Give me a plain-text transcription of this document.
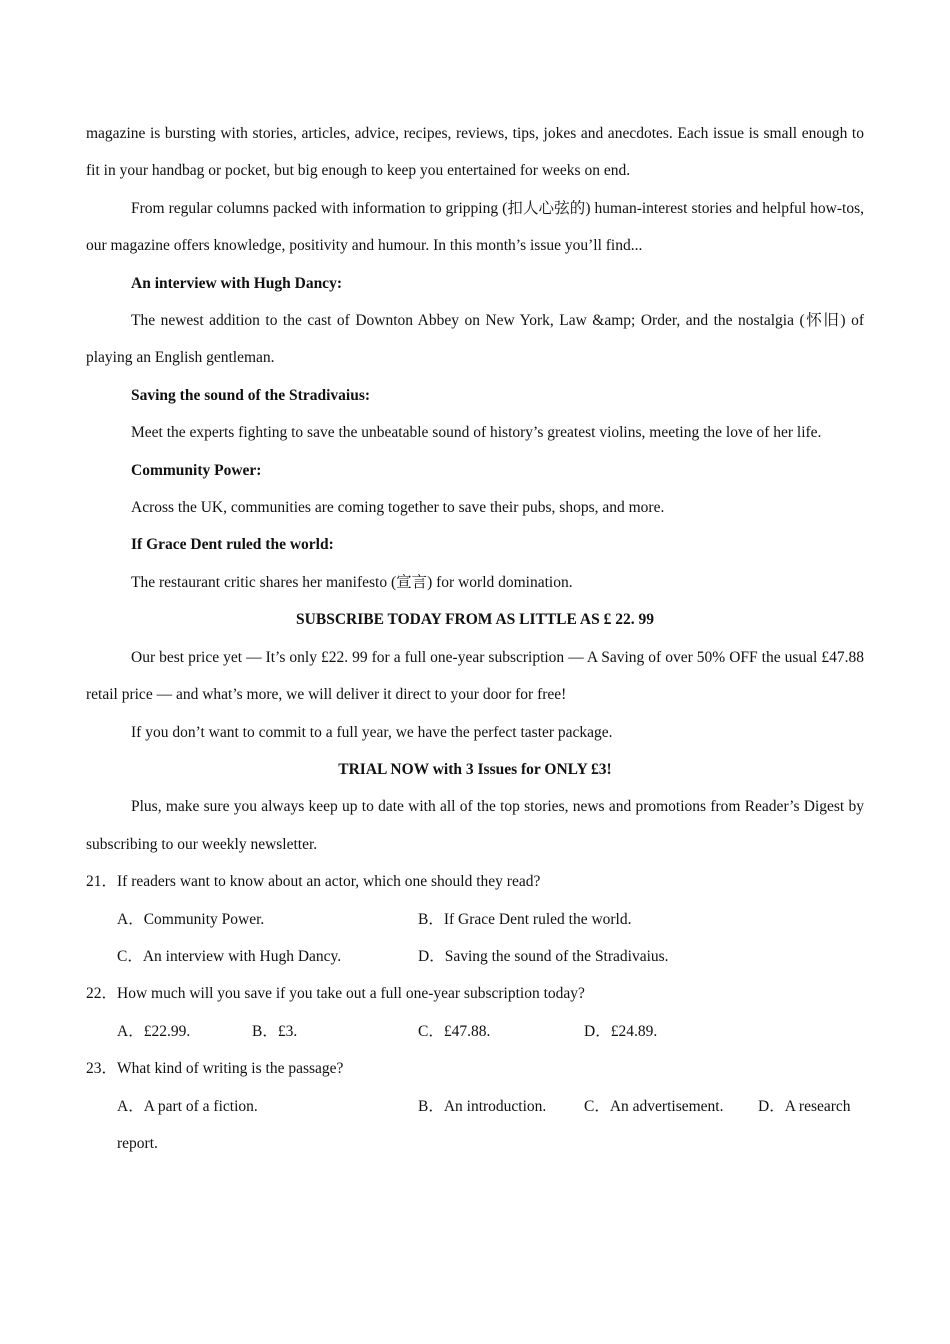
magazine is bursting with stories, articles, advice, recipes, reviews, tips, jokes and anecdotes. Each issue is small enough to fit in your handbag or pocket, but big enough to keep you entertained for weeks on end.

From regular columns packed with information to gripping (扣人心弦的) human-interest stories and helpful how-tos, our magazine offers knowledge, positivity and humour. In this month’s issue you’ll find...

An interview with Hugh Dancy:

The newest addition to the cast of Downton Abbey on New York, Law &amp; Order, and the nostalgia (怀旧) of playing an English gentleman.

Saving the sound of the Stradivaius:

Meet the experts fighting to save the unbeatable sound of history’s greatest violins, meeting the love of her life.

Community Power:

Across the UK, communities are coming together to save their pubs, shops, and more.

If Grace Dent ruled the world:

The restaurant critic shares her manifesto (宣言) for world domination.

SUBSCRIBE TODAY FROM AS LITTLE AS £ 22. 99

Our best price yet — It’s only £22. 99 for a full one-year subscription — A Saving of over 50% OFF the usual £47.88 retail price — and what’s more, we will deliver it direct to your door for free!

If you don’t want to commit to a full year, we have the perfect taster package.

TRIAL NOW with 3 Issues for ONLY £3!

Plus, make sure you always keep up to date with all of the top stories, news and promotions from Reader’s Digest by subscribing to our weekly newsletter.

21．If readers want to know about an actor, which one should they read?

A．Community Power.	B．If Grace Dent ruled the world.
C．An interview with Hugh Dancy.	D．Saving the sound of the Stradivaius.

22．How much will you save if you take out a full one-year subscription today?

A．£22.99.	B．£3.	C．£47.88.	D．£24.89.

23．What kind of writing is the passage?

A．A part of a fiction.	B．An introduction. C．An advertisement. D．A research

report.
